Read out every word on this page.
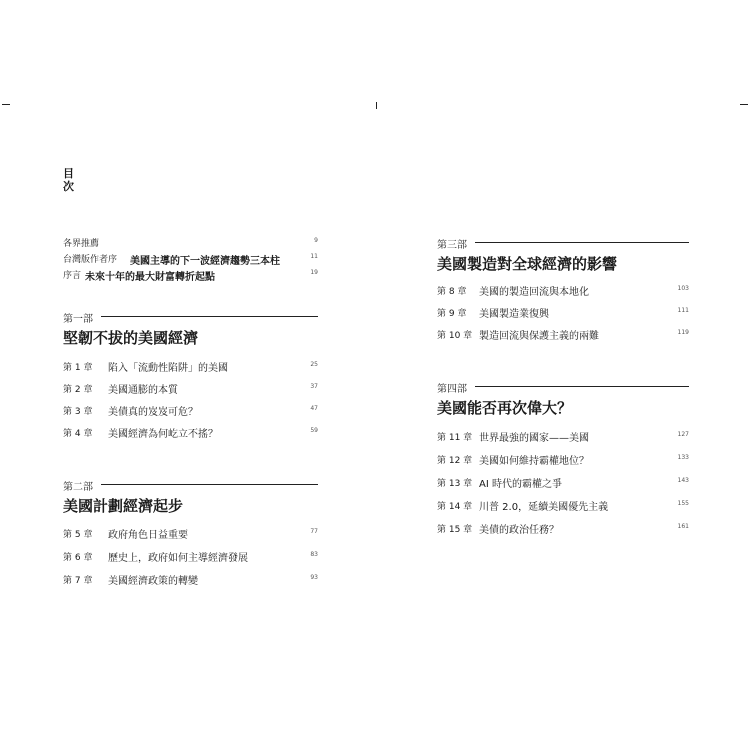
目
次
各界推薦	9
台灣版作者序 美國主導的下一波經濟趨勢三本柱	11
序言 未來十年的最大財富轉折起點	19
第一部
堅韌不拔的美國經濟
第 1 章 陷入「流動性陷阱」的美國	25
第 2 章 美國通膨的本質	37
第 3 章 美債真的岌岌可危？	47
第 4 章 美國經濟為何屹立不搖？	59
第二部
美國計劃經濟起步
第 5 章 政府角色日益重要	77
第 6 章 歷史上，政府如何主導經濟發展	83
第 7 章 美國經濟政策的轉變	93
第三部
美國製造對全球經濟的影響
第 8 章 美國的製造回流與本地化	103
第 9 章 美國製造業復興	111
第 10 章 製造回流與保護主義的兩難	119
第四部
美國能否再次偉大？
第 11 章 世界最強的國家——美國	127
第 12 章 美國如何維持霸權地位？	133
第 13 章 AI 時代的霸權之爭	143
第 14 章 川普 2.0，延續美國優先主義	155
第 15 章 美債的政治任務？	161
